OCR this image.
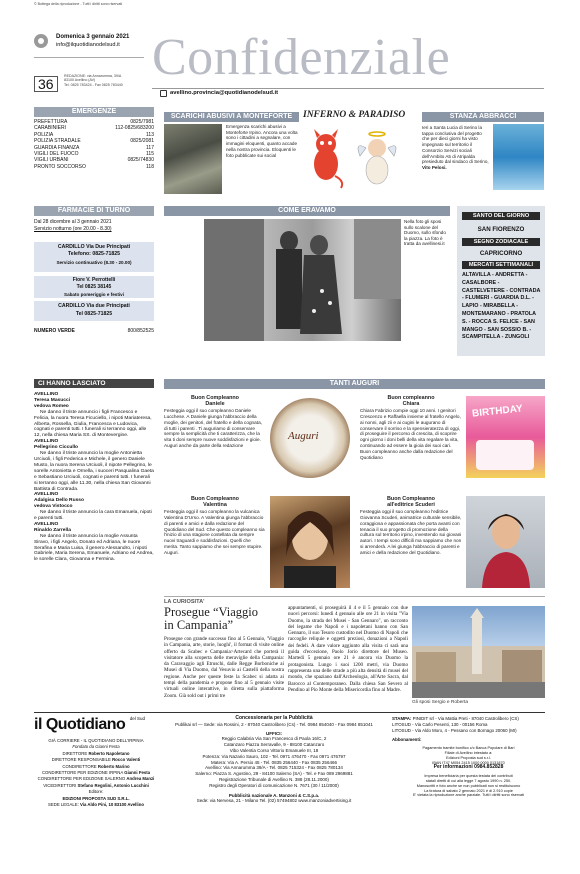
© Bottega della riproduzione - Tutti i diritti sono riservati
Domenica 3 gennaio 2021
info@ilquotidianodelsud.it
36	REDAZIONE: via Annarumma, 39/A
83100 Avellino (AV)
Tel. 0825 783424 - Fax 0825 783440 Confidenziale
avellino.provincia@quotidianodelsud.it
EMERGENZE
PREFETTURA	0825/7981
CARABINIERI	112-0825/683200
POLIZIA	113
POLIZIA STRADALE	0825/2081
GUARDIA FINANZA	117
VIGILI DEL FUOCO	115
VIGILI URBANI	0825/74830
PRONTO SOCCORSO	118
SCARICHI ABUSIVI A MONTEFORTE
Emergenza scarichi abusivi a Monteforte Irpino. Ancora una volta sono i cittadini a segnalare, con immagini eloquenti, quanto accade nella nostra provincia. Eloquenti le foto pubblicate sui social
INFERNO & PARADISO	STANZA ABBRACCI
Ieri a Santa Lucia di Serino la tappa conclusiva del progetto che per dieci giorni ha visto impegnato sul territorio il Consorzio Servizi sociali dell'Ambito A5 di Atripalda presieduto dal sindaco di Serino, Vito Pelosi.
FARMACIE DI TURNO
Dal 28 dicembre al 3 gennaio 2021
Servizio notturno (ore 20.00 - 8.30)
CARDILLO Via Due Principati
Telefono: 0825-71825
Servizio continuativo (8.30 - 20.00)
Fiore V. Perrottelli
Tel 0825 38145
Sabato pomeriggio e festivi
CARDILLO Via due Principati
Tel 0825-71825
NUMERO VERDE	800/852525
COME ERAVAMO
Nella foto gli sposi sullo scalone del Duomo, sullo sfondo la piazza. La foto è tratta da avellinesi.it
SANTO DEL GIORNO
SAN FIORENZO
SEGNO ZODIACALE
CAPRICORNO
MERCATI SETTIMANALI
ALTAVILLA - ANDRETTA - CASALBORE - CASTELVETERE - CONTRADA - FLUMERI - GUARDIA D.L. - LAPIO - MIRABELLA - MONTEMARANO - PRATOLA S. - ROCCA S. FELICE - SAN MANGO - SAN SOSSIO B. - SCAMPITELLA - ZUNGOLI
CI HANNO LASCIATO
AVELLINO
Teresa Masucci
vedova Romeo
Ne danno il triste annuncio i figli Francesco e Felicia, la nuora Teresa Ficuciello, i nipoti Mariateresa, Alberta, Rossella, Giulia, Francesca e Ludovica, cognati e parenti tutti. I funerali si terranno oggi, alle 12, nella chiesa Maria SS. di Montevergine.
AVELLINO
Pellegrino Ciccullo
Ne danno il triste annuncio la moglie Antonietta Urciuoli, i figli Federica e Michele, il genero Daniele Musto, la nuora Serena Urciuoli, il nipote Pellegrino, le sorelle Antonietta e Ornella, i suoceri Pasqualina Gaeta e Sebastiano Urciuoli, cognati e parenti tutti. I funerali si terranno oggi, alle 11.30, nella chiesa San Giovanni Battista di Contrada.
AVELLINO
Adalgisa Dello Russo
vedova Vistocco
Ne danno il triste annuncio la cara Emanuela, nipoti e parenti tutti.
AVELLINO
Rinaldo Zarrella
Ne danno il triste annuncio la moglie Assunta Siravo, i figli Angelo, Donato ed Adriana, le nuore Serafina e Maria Luisa, il genero Alessandro, i nipoti Gabriele, Maria Serena, Emanuele, Adriano ed Andrea, le sorelle Clara, Giovanna e Fermina.
TANTI AUGURI
Buon Compleanno
Daniele
Festeggia oggi il suo compleanno Daniele Lucchese. A Daniele giunga l'abbraccio della moglie, dei genitori, del fratello e della cognata, di tutti i parenti . Ti auguriamo di conservare sempre la semplicità che ti caratterizza, che la vita ti doni sempre nuove soddisfazioni e gioie. Auguri anche da parte della redazione
Auguri
Buon compleanno
Chiara
Chiara Fabrizio compie oggi 10 anni. I genitori Crescenzo e Raffaella insieme al fratello Angelo, ai nonni, agli zii e ai cugini le augurano di conservare il sorriso e la spensieratezza di oggi, di proseguire il percorso di crescita, di scoprire ogni giorno i doni belli della vita regalare la vita, continuando ad essere la gioia dei suoi cari. Buon compleanno anche dalla redazione del Quotidiano
BIRTHDAY
Buon Compleanno
Valentina
Festeggia oggi il suo compleanno la vulcanica Valentina D'Urso. A Valentina giunga l'abbraccio di parenti e amici e dalla redazione del Quotidiano del Sud. Che questo compleanno sia l'inizio di una stagione costellata da sempre nuovi traguardi e soddisfazioni. Quelli che merita. Tanto sappiamo che sei sempre stupire. Auguri.
Buon Compleanno
all'editrice Scuderi
Festeggia oggi il suo compleanno l'editrice Giovanna Scuderi, animatrice culturale sensibile, coraggiosa e appassionata che porta avanti con tenacia il suo progetto di promozione della cultura sul territorio irpino, investendo sui giovani autori. I tempi sono difficili ma sappiamo che non si arrenderà. A lei giunga l'abbraccio di parenti e amici e della redazione del Quotidiano.
LA CURIOSITA'
Prosegue “Viaggio
in Campania”
Prosegue con grande successo fino al 5 Gennaio, 'Viaggio in Campania, arte, storie, luoghi', il format di visite online offerto da Scabec e Campania>Artecard che porterà il visitatore alla scoperta delle meraviglie della Campania: da Caravaggio agli Etruschi, dalle Regge Borboniche ai Musei di Via Duomo, dal Vesuvio ai Castelli della nostra regione. Anche per queste feste la Scabec si adatta ai tempi della pandemia e propone fino al 5 gennaio visite virtuali online interattive, in diretta sulla piattaforma Zoom. Già sold out i primi tre
appuntamenti, si proseguirà il 4 e il 5 gennaio con due nuovi percorsi: lunedì 4 gennaio alle ore 21 in visita "Via Duomo, la strada dei Musei - San Gennaro", un racconto del legame che Napoli e i napoletani hanno con San Gennaro, il suo Tesoro custodito nel Duomo di Napoli che raccoglie reliquie e oggetti preziosi, donazioni a Napoli dei fedeli. A dare valore aggiunto alla visita ci sarà una guida d'eccezione, Paolo Jorio direttore del Museo. Martedì 5 gennaio ore 21 è ancora via Duomo la protagonista. Lungo i suoi 1200 metri, via Duomo rappresenta una delle strade a più alta densità di musei del mondo, che spaziano dall'Archeologia, all'Arte Sacra, dal Barocco al Contemporaneo. Dalla chiesa San Severo al Pendino al Pio Monte della Misericordia fino al Madre.
Gli sposi Sergio e Roberta
il Quotidiano $^{del Sud}$
GIÀ CORRIERE - IL QUOTIDIANO DELL'IRPINIA
Fondato da Gianni Festa
DIRETTORE Roberto Napoletano
DIRETTORE RESPONSABILE Rocco Valenti
CONDIRETTORE Roberto Marino
CONDIRETTORE PER EDIZIONE IRPINA Gianni Festa
CONDIRETTORE PER EDIZIONE SALERNO Andrea Manzi
VICEDIRETTORI Stefano Regolini, Antonio Lucchini
Editore:
EDIZIONI PROPOSTA SUD S.R.L.
SEDE LEGALE: Via Aldo Pini, 10 83100 Avellino
Concessionaria per la Pubblicità
Publikai srl — Sede: via Rossini, 2 - 87040 Castrolibero (Cs) - Tel. 0984 854040 - Fax 0984 851041
UFFICI:
Reggio Calabria Via San Francesco di Paola 16/C, 2
Catanzaro Piazza Serravalle, 9 - 88100 Catanzaro
Vibo Valentia Corso Vittorio Emanuele III, 18
Potenza: Via Nazario Sauro, 102 - Tel. 0971 476470 - Fax 0971 476797
Matera: Via A. Persio 45 - Tel. 0835 256440 - Fax 0835 256466
Avellino: Via Annarumma 39/A - Tel. 0825 715324 - Fax 0825 780134
Salerno: Piazza S. Agostino, 29 - 84100 Salerno (SA) - Tel. e Fax 089 2969881
Registrazione Tribunale di Avellino N. 388 (28.11.2000)
Registro degli Operatori di comunicazione N. 7671 (30 / 11/2000)
Pubblicità nazionale A. Manzoni & C.S.p.a.
Sede: via Nervesa, 21 - Milano Tel. (02) 57494802 www.manzoniadvertising.it
STAMPA: PINIDIT srl - Via Mattia Preti - 87040 Castrolibero (CS)
LITOSUD - Via Carlo Pesenti, 130 - 00156 Roma
LITOSUD - Via Aldo Moro, 4 - Pessano con Bornago 20060 (MI)
Abbonamenti:
Pagamento tramite bonifico c/c Banca Popolare di Bari
Filiale di Avellino intestato a:
Edizioni Proposta sud s.r.l.
IBAN IT47 M054 2415 1000 0000 0131870
Per informazioni 0984.852828
Impresa beneficiaria per questa testata dei contributi
statali diretti di cui alla legge 7 agosto 1990 n. 250.
Manoscritti e foto anche se non pubblicati non si restituiscono
La tiratura di sabato 2 gennaio 2021 è di 2.910 copie
E' vietata la riproduzione anche parziale. Tutti i diritti sono riservati
